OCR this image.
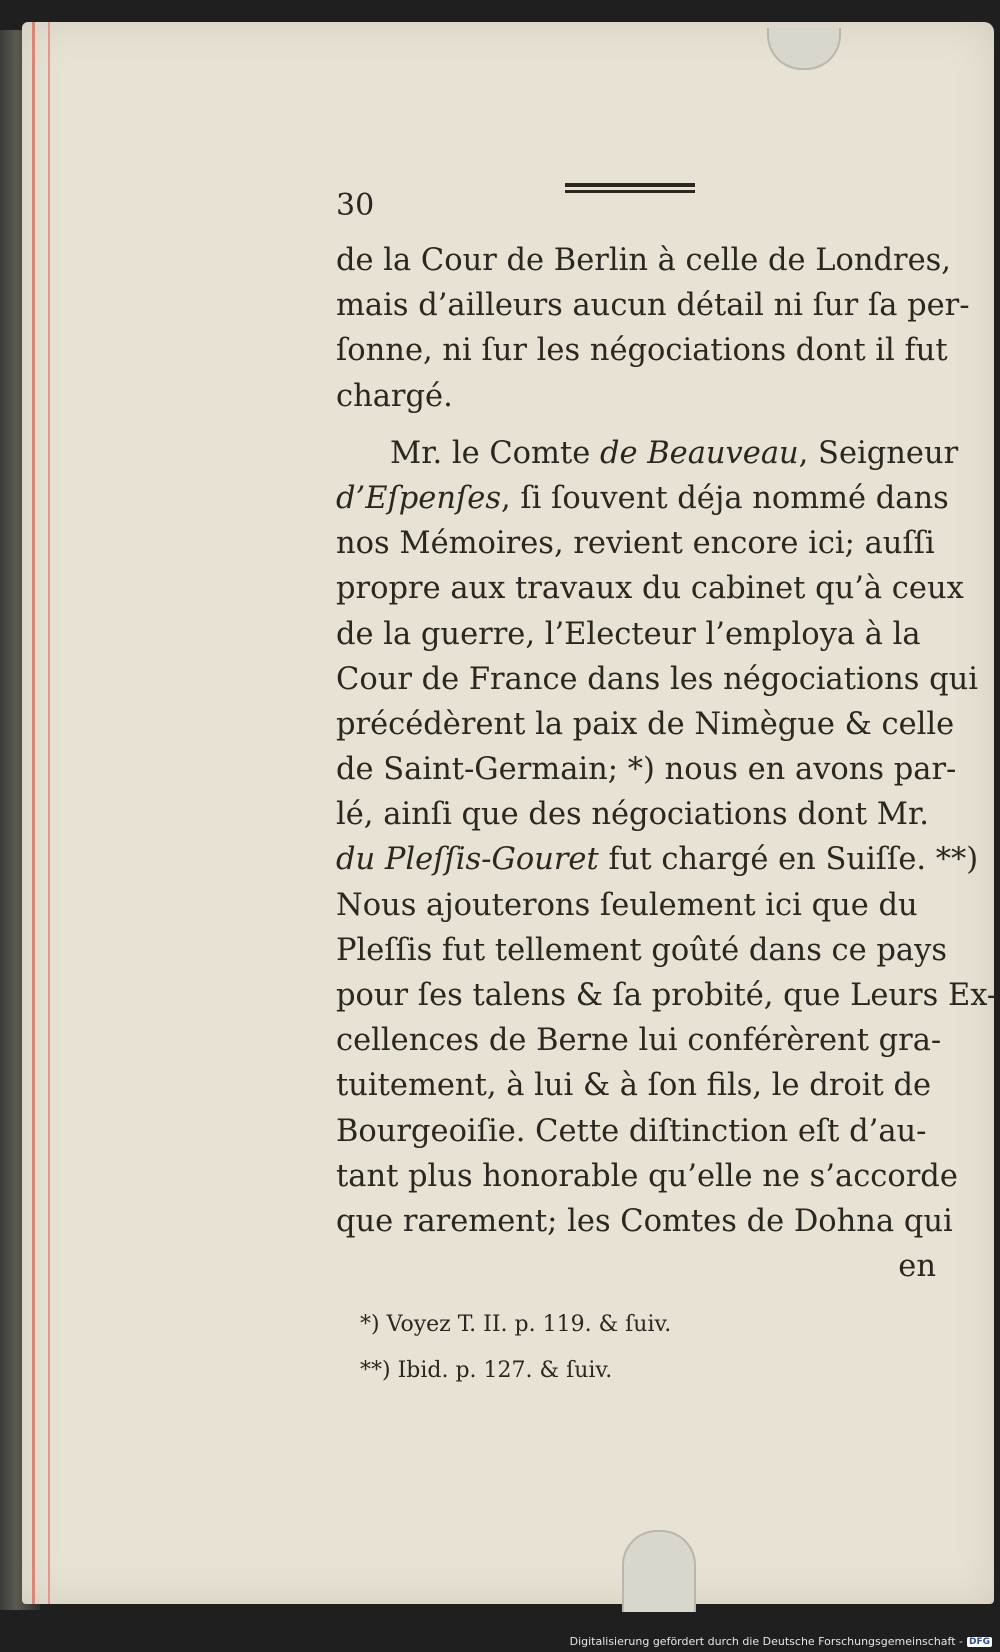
30
de la Cour de Berlin à celle de Londres,
mais d’ailleurs aucun détail ni ſur ſa per-
ſonne, ni ſur les négociations dont il fut
chargé.
Mr. le Comte de Beauveau, Seigneur
d’Eſpenſes, ſi ſouvent déja nommé dans
nos Mémoires, revient encore ici; auſſi
propre aux travaux du cabinet qu’à ceux
de la guerre, l’Electeur l’employa à la
Cour de France dans les négociations qui
précédèrent la paix de Nimègue & celle
de Saint-Germain; *) nous en avons par-
lé, ainſi que des négociations dont Mr.
du Pleſſis-Gouret fut chargé en Suiſſe. **)
Nous ajouterons ſeulement ici que du
Pleſſis fut tellement goûté dans ce pays
pour ſes talens & ſa probité, que Leurs Ex-
cellences de Berne lui conférèrent gra-
tuitement, à lui & à ſon fils, le droit de
Bourgeoiſie. Cette diſtinction eſt d’au-
tant plus honorable qu’elle ne s’accorde
que rarement; les Comtes de Dohna qui
en
*) Voyez T. II. p. 119. & ſuiv.
**) Ibid. p. 127. & ſuiv.
Digitalisierung gefördert durch die Deutsche Forschungsgemeinschaft - DFG
